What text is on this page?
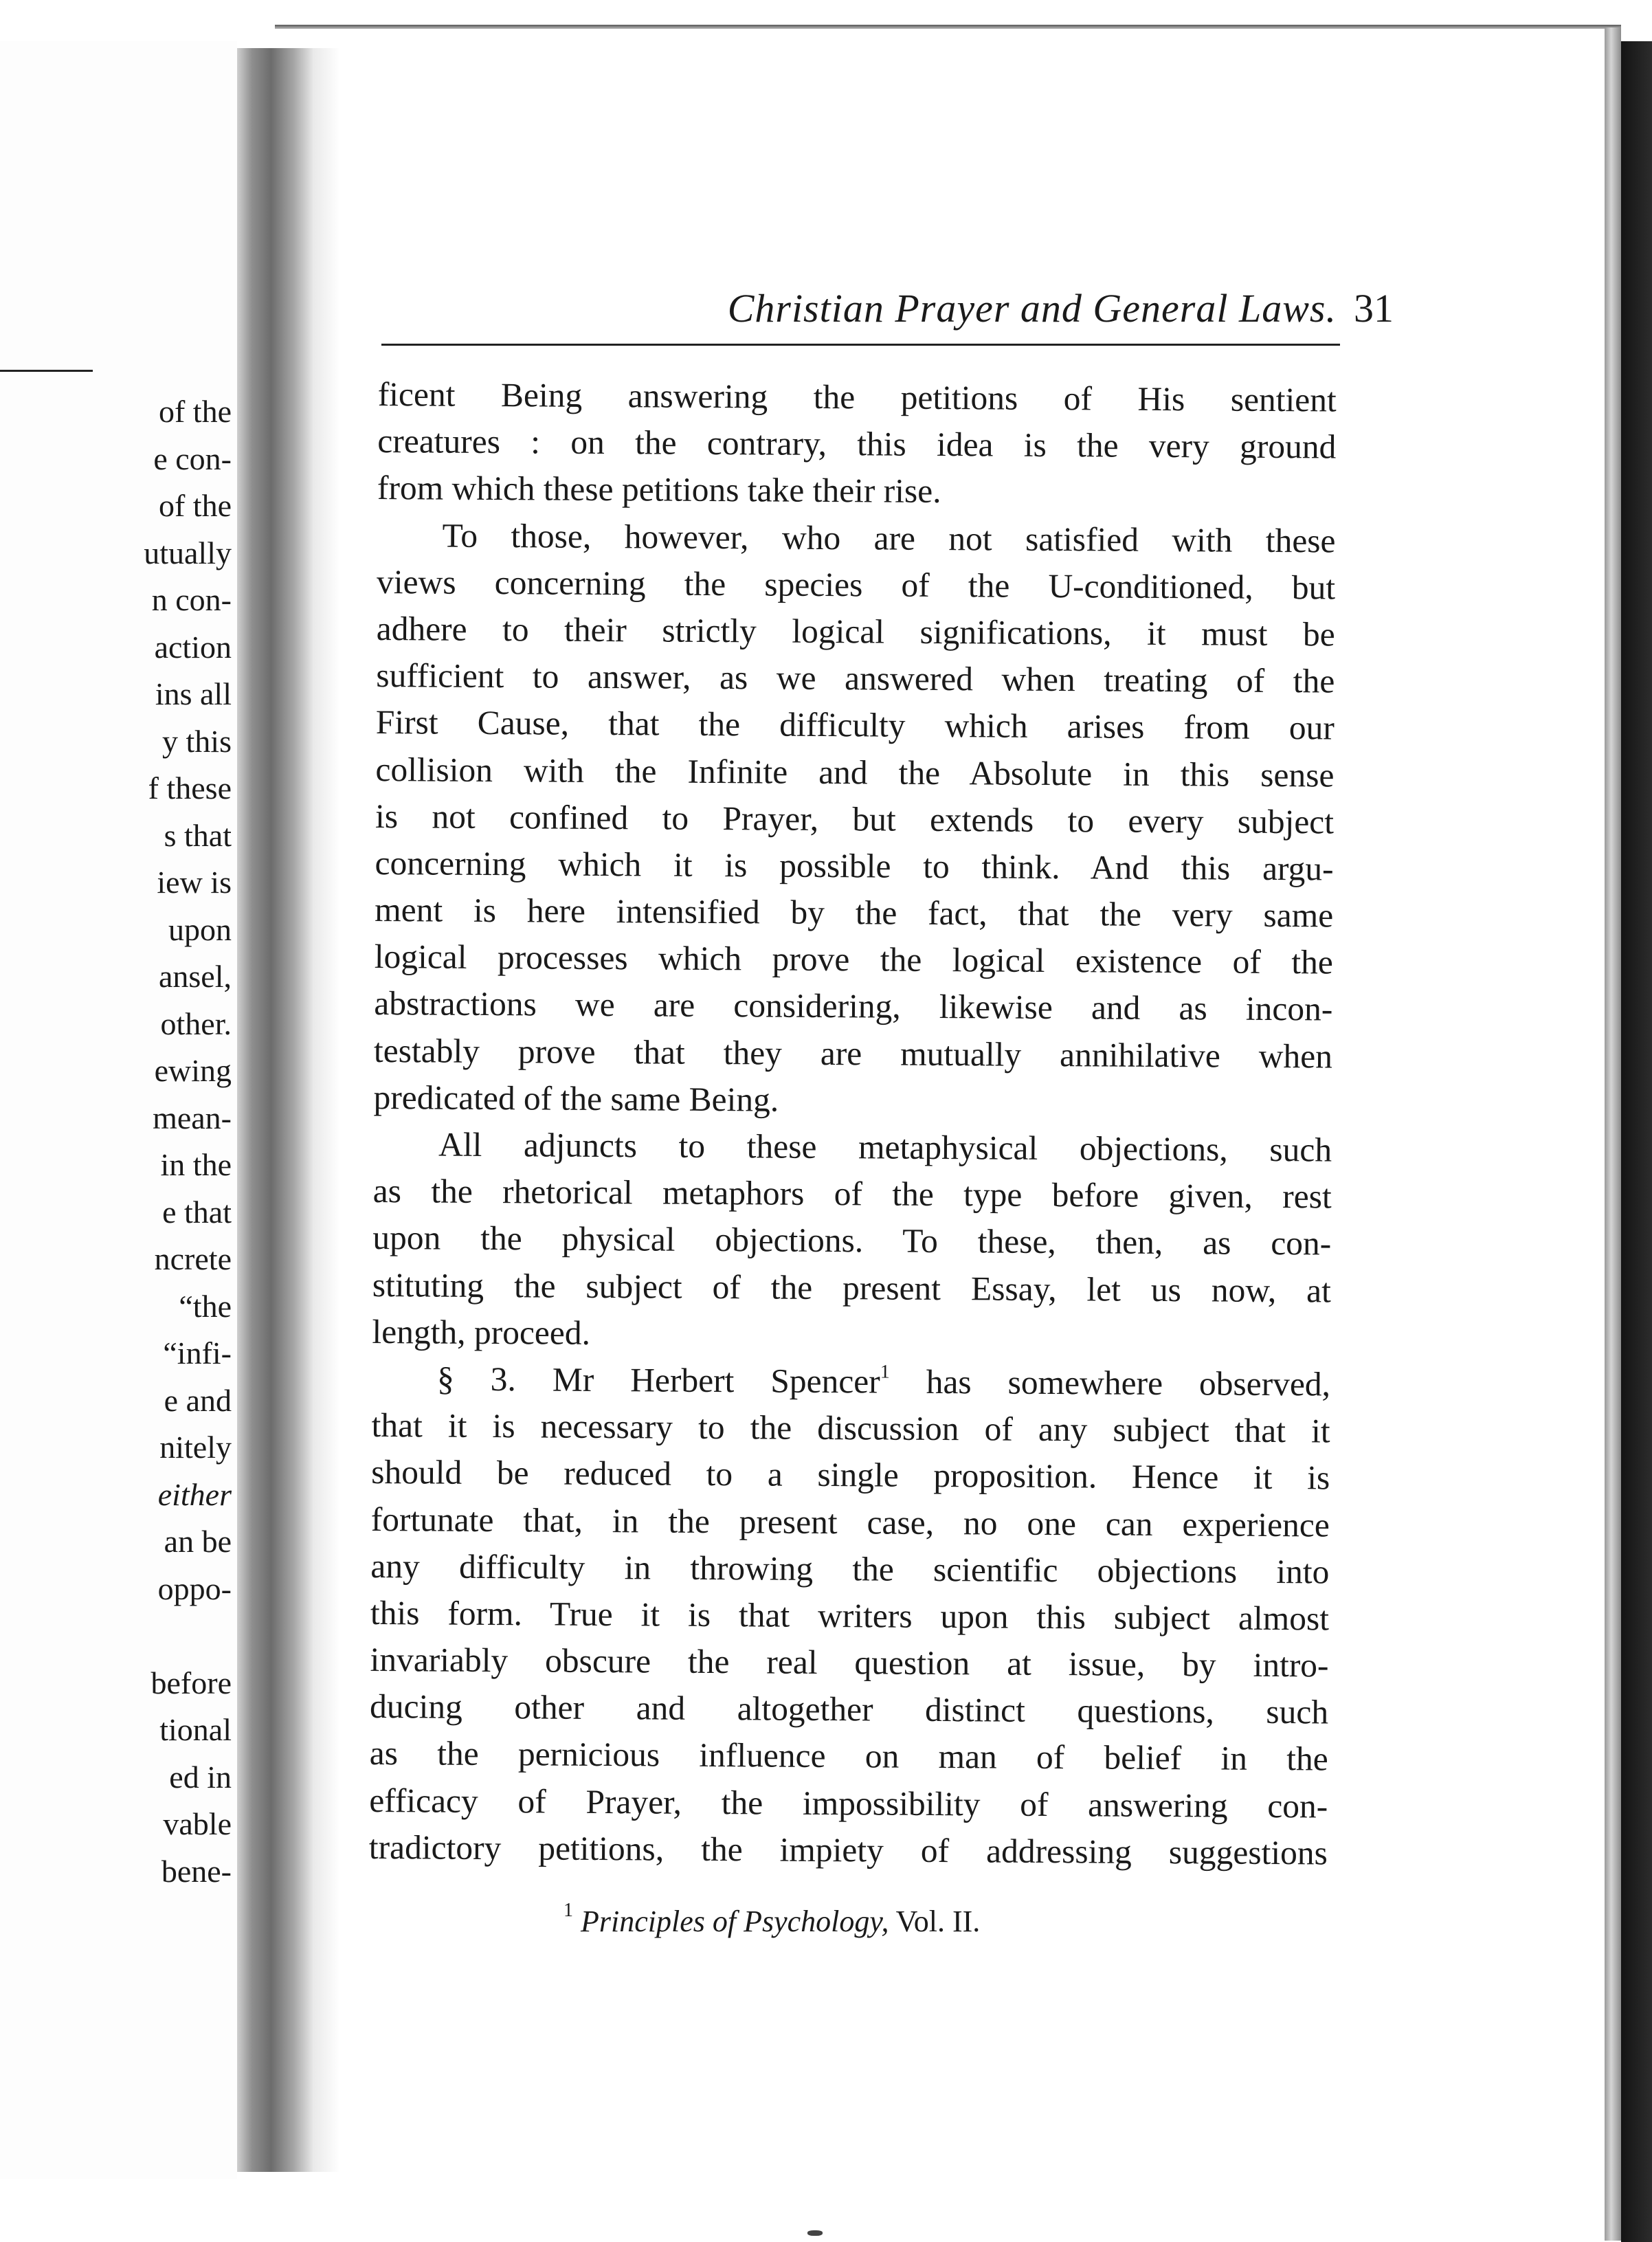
of the
e con-
of the
utually
n con-
action
ins all
y this
f these
s that
iew is
upon
ansel,
other.
ewing
mean-
in the
e that
ncrete
“the
“infi-
e and
nitely
either
an be
oppo-
before
tional
ed in
vable
bene-
Christian Prayer and General Laws. 31
ficent Being answering the petitions of His sentient
creatures : on the contrary, this idea is the very ground
from which these petitions take their rise.
To those, however, who are not satisfied with these
views concerning the species of the U‐conditioned, but
adhere to their strictly logical significations, it must be
sufficient to answer, as we answered when treating of the
First Cause, that the difficulty which arises from our
collision with the Infinite and the Absolute in this sense
is not confined to Prayer, but extends to every subject
concerning which it is possible to think. And this argu-
ment is here intensified by the fact, that the very same
logical processes which prove the logical existence of the
abstractions we are considering, likewise and as incon-
testably prove that they are mutually annihilative when
predicated of the same Being.
All adjuncts to these metaphysical objections, such
as the rhetorical metaphors of the type before given, rest
upon the physical objections. To these, then, as con-
stituting the subject of the present Essay, let us now, at
length, proceed.
§ 3. Mr Herbert Spencer$^1$ has somewhere observed,
that it is necessary to the discussion of any subject that it
should be reduced to a single proposition. Hence it is
fortunate that, in the present case, no one can experience
any difficulty in throwing the scientific objections into
this form. True it is that writers upon this subject almost
invariably obscure the real question at issue, by intro-
ducing other and altogether distinct questions, such
as the pernicious influence on man of belief in the
efficacy of Prayer, the impossibility of answering con-
tradictory petitions, the impiety of addressing suggestions
$^1$ Principles of Psychology, Vol. II.
